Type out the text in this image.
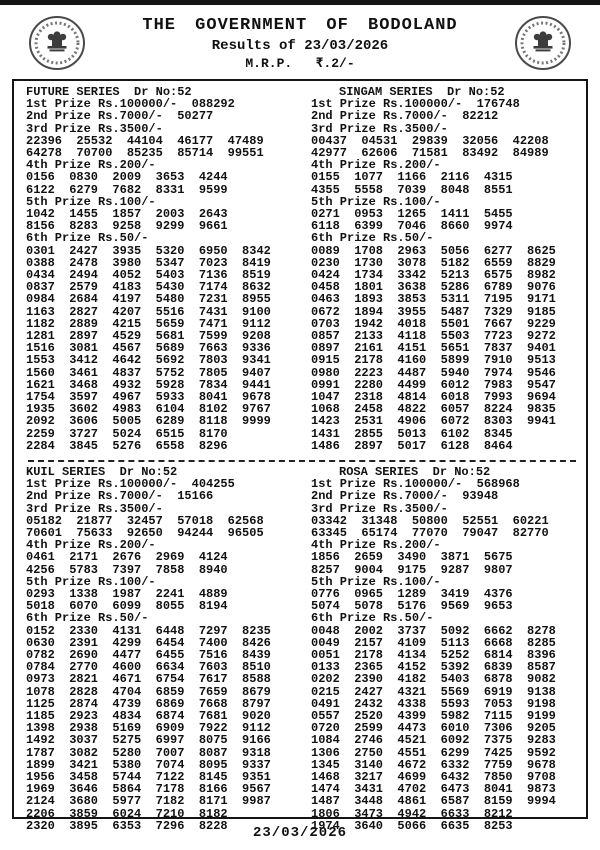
THE GOVERNMENT OF BODOLAND
Results of 23/03/2026
M.R.P.   ₹.2/-
FUTURE SERIES  Dr No:52
1st Prize Rs.100000/-  088292
2nd Prize Rs.7000/-  50277
3rd Prize Rs.3500/-
22396  25532  44104  46177  47489
64278  70700  85235  85714  99551
4th Prize Rs.200/-
0156  0830  2009  3653  4244
6122  6279  7682  8331  9599
5th Prize Rs.100/-
1042  1455  1857  2003  2643
8156  8283  9258  9299  9661
6th Prize Rs.50/-
0301  2427  3935  5320  6950  8342
0388  2478  3980  5347  7023  8419
0434  2494  4052  5403  7136  8519
0837  2579  4183  5430  7174  8632
0984  2684  4197  5480  7231  8955
1163  2827  4207  5516  7431  9100
1182  2889  4215  5659  7471  9112
1281  2897  4529  5681  7599  9208
1516  3081  4567  5689  7663  9336
1553  3412  4642  5692  7803  9341
1560  3461  4837  5752  7805  9407
1621  3468  4932  5928  7834  9441
1754  3597  4967  5933  8041  9678
1935  3602  4983  6104  8102  9767
2092  3606  5005  6289  8118  9999
2259  3727  5024  6515  8170
2284  3845  5276  6558  8296
SINGAM SERIES  Dr No:52
1st Prize Rs.100000/-  176748
2nd Prize Rs.7000/-  82212
3rd Prize Rs.3500/-
00437  04531  29839  32056  42208
42977  62606  71581  83492  84989
4th Prize Rs.200/-
0155  1077  1166  2116  4315
4355  5558  7039  8048  8551
5th Prize Rs.100/-
0271  0953  1265  1411  5455
6118  6399  7046  8660  9974
6th Prize Rs.50/-
0089  1708  2963  5056  6277  8625
0230  1730  3078  5182  6559  8829
0424  1734  3342  5213  6575  8982
0458  1801  3638  5286  6789  9076
0463  1893  3853  5311  7195  9171
0672  1894  3955  5487  7329  9185
0703  1942  4018  5501  7667  9229
0857  2133  4118  5503  7723  9272
0897  2161  4151  5651  7837  9401
0915  2178  4160  5899  7910  9513
0980  2223  4487  5940  7974  9546
0991  2280  4499  6012  7983  9547
1047  2318  4814  6018  7993  9694
1068  2458  4822  6057  8224  9835
1423  2531  4906  6072  8303  9941
1431  2855  5013  6102  8345
1486  2897  5017  6128  8464
KUIL SERIES  Dr No:52
1st Prize Rs.100000/-  404255
2nd Prize Rs.7000/-  15166
3rd Prize Rs.3500/-
05182  21877  32457  57018  62568
70601  75633  92650  94244  96505
4th Prize Rs.200/-
0461  2171  2676  2969  4124
4256  5783  7397  7858  8940
5th Prize Rs.100/-
0293  1338  1987  2241  4889
5018  6070  6099  8055  8194
6th Prize Rs.50/-
0152  2330  4131  6448  7297  8235
0630  2391  4299  6454  7400  8426
0782  2690  4477  6455  7516  8439
0784  2770  4600  6634  7603  8510
0973  2821  4671  6754  7617  8588
1078  2828  4704  6859  7659  8679
1125  2874  4739  6869  7668  8797
1185  2923  4834  6874  7681  9020
1398  2938  5169  6909  7922  9112
1492  3037  5275  6997  8075  9166
1787  3082  5280  7007  8087  9318
1899  3421  5380  7074  8095  9337
1956  3458  5744  7122  8145  9351
1969  3646  5864  7178  8166  9567
2124  3680  5977  7182  8171  9987
2206  3859  6024  7210  8182
2320  3895  6353  7296  8228
ROSA SERIES  Dr No:52
1st Prize Rs.100000/-  568968
2nd Prize Rs.7000/-  93948
3rd Prize Rs.3500/-
03342  31348  50800  52551  60221
63345  65174  77070  79047  82770
4th Prize Rs.200/-
1856  2659  3490  3871  5675
8257  9004  9175  9287  9807
5th Prize Rs.100/-
0776  0965  1289  3419  4376
5074  5078  5176  9569  9653
6th Prize Rs.50/-
0048  2002  3737  5092  6662  8278
0049  2157  4109  5113  6668  8285
0051  2178  4134  5252  6814  8396
0133  2365  4152  5392  6839  8587
0202  2390  4182  5403  6878  9082
0215  2427  4321  5569  6919  9138
0491  2432  4338  5593  7053  9198
0557  2520  4399  5982  7115  9199
0720  2599  4473  6010  7306  9205
1084  2746  4521  6092  7375  9283
1306  2750  4551  6299  7425  9592
1345  3140  4672  6332  7759  9678
1468  3217  4699  6432  7850  9708
1474  3431  4702  6473  8041  9873
1487  3448  4861  6587  8159  9994
1806  3473  4942  6633  8212
1974  3640  5066  6635  8253
23/03/2026
